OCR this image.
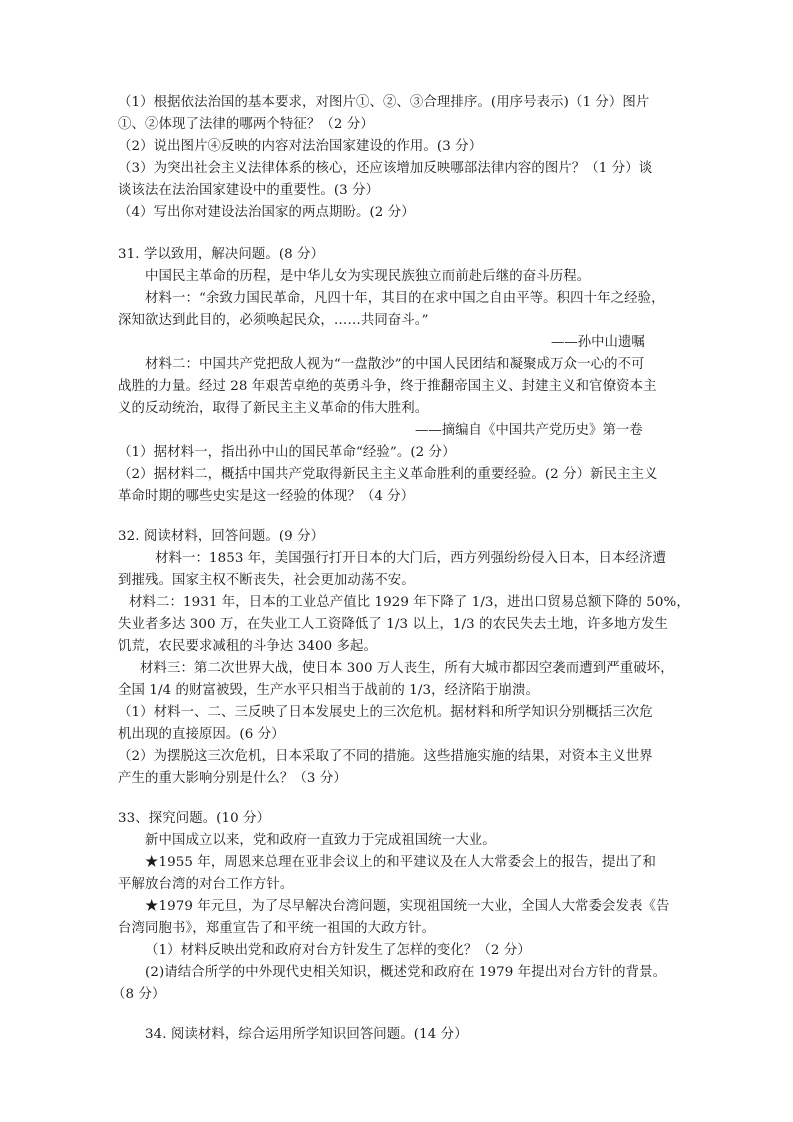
（1）根据依法治国的基本要求，对图片①、②、③合理排序。(用序号表示)（1 分）图片
①、②体现了法律的哪两个特征？（2 分）
（2）说出图片④反映的内容对法治国家建设的作用。(3 分）
（3）为突出社会主义法律体系的核心，还应该增加反映哪部法律内容的图片？（1 分）谈
谈该法在法治国家建设中的重要性。(3 分）
（4）写出你对建设法治国家的两点期盼。(2 分）
31. 学以致用，解决问题。(8 分）
中国民主革命的历程，是中华儿女为实现民族独立而前赴后继的奋斗历程。
材料一：“余致力国民革命，凡四十年，其目的在求中国之自由平等。积四十年之经验，
深知欲达到此目的，必须唤起民众，……共同奋斗。”
——孙中山遗嘱
材料二：中国共产党把敌人视为“一盘散沙”的中国人民团结和凝聚成万众一心的不可
战胜的力量。经过 28 年艰苦卓绝的英勇斗争，终于推翻帝国主义、封建主义和官僚资本主
义的反动统治，取得了新民主主义革命的伟大胜利。
——摘编自《中国共产党历史》第一卷
（1）据材料一，指出孙中山的国民革命“经验”。(2 分）
（2）据材料二，概括中国共产党取得新民主主义革命胜利的重要经验。(2 分）新民主主义
革命时期的哪些史实是这一经验的体现？（4 分）
32. 阅读材料，回答问题。(9 分）
材料一：1853 年，美国强行打开日本的大门后，西方列强纷纷侵入日本，日本经济遭
到摧残。国家主权不断丧失，社会更加动荡不安。
材料二：1931 年，日本的工业总产值比 1929 年下降了 1/3，进出口贸易总额下降的 50%，
失业者多达 300 万，在失业工人工资降低了 1/3 以上，1/3 的农民失去土地，许多地方发生
饥荒，农民要求减租的斗争达 3400 多起。
材料三：第二次世界大战，使日本 300 万人丧生，所有大城市都因空袭而遭到严重破坏，
全国 1/4 的财富被毁，生产水平只相当于战前的 1/3，经济陷于崩溃。
（1）材料一、二、三反映了日本发展史上的三次危机。据材料和所学知识分别概括三次危
机出现的直接原因。(6 分）
（2）为摆脱这三次危机，日本采取了不同的措施。这些措施实施的结果，对资本主义世界
产生的重大影响分别是什么？（3 分）
33、探究问题。(10 分）
新中国成立以来，党和政府一直致力于完成祖国统一大业。
★1955 年，周恩来总理在亚非会议上的和平建议及在人大常委会上的报告，提出了和
平解放台湾的对台工作方针。
★1979 年元旦，为了尽早解决台湾问题，实现祖国统一大业，全国人大常委会发表《告
台湾同胞书》，郑重宣告了和平统一祖国的大政方针。
（1）材料反映出党和政府对台方针发生了怎样的变化？（2 分）
(2)请结合所学的中外现代史相关知识，概述党和政府在 1979 年提出对台方针的背景。
（8 分）
34. 阅读材料，综合运用所学知识回答问题。(14 分）
